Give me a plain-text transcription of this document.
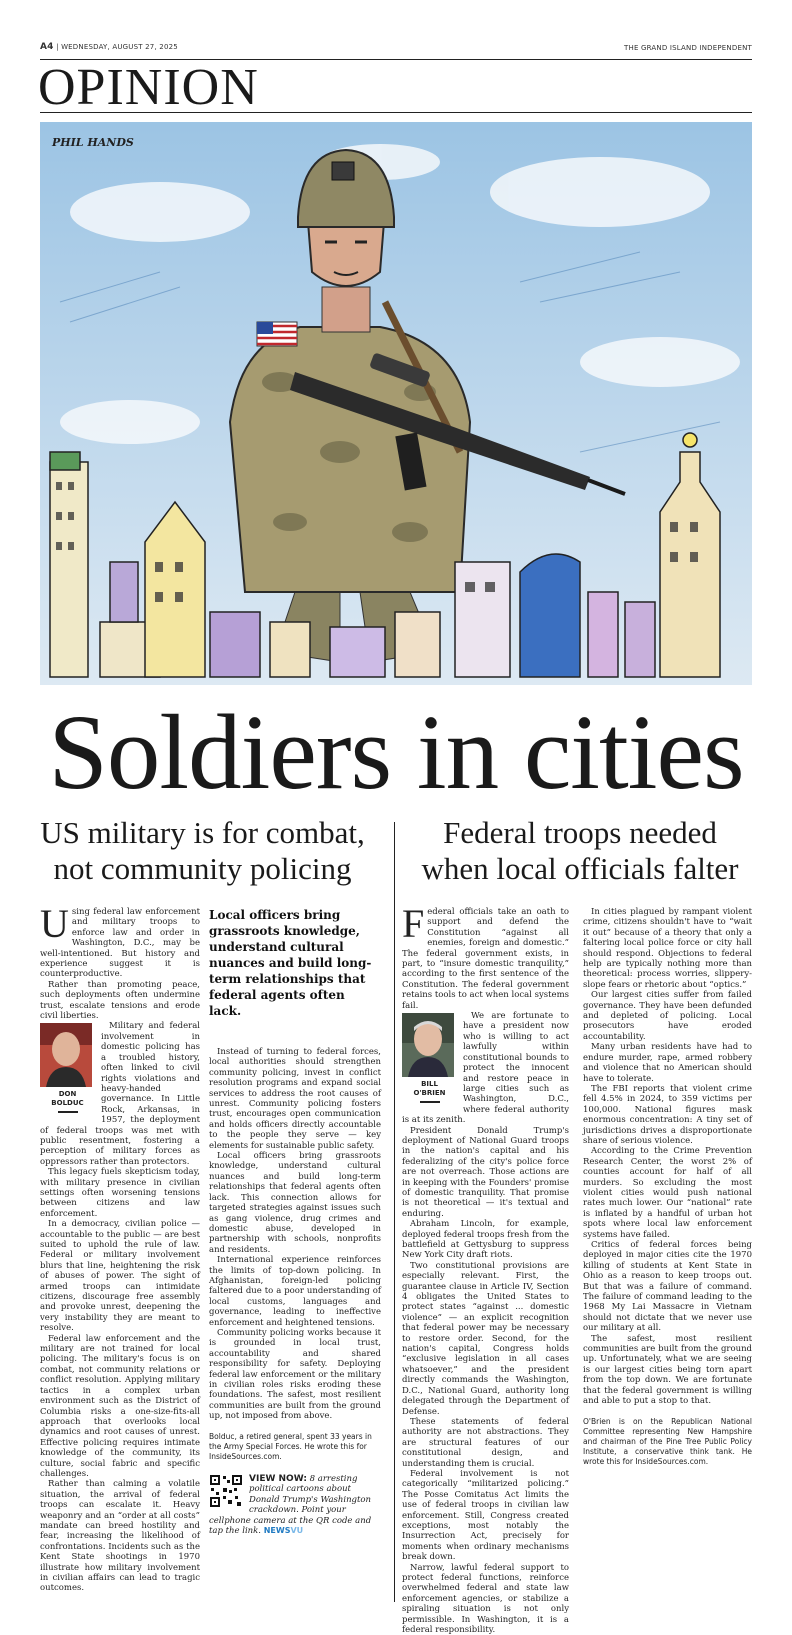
A4 | WEDNESDAY, AUGUST 27, 2025	THE GRAND ISLAND INDEPENDENT
OPINION
PHIL HANDS
Soldiers in cities
US military is for combat,
not community policing
Federal troops needed
when local officials falter

Using federal law enforcement and military troops to enforce law and order in Washington, D.C., may be well-intentioned. But history and experience suggest it is counterproductive.

Rather than promoting peace, such deployments often undermine trust, escalate tensions and erode civil liberties.

DON
BOLDUC

Military and federal involvement in domestic policing has a troubled history, often linked to civil rights violations and heavy-handed governance. In Little Rock, Arkansas, in 1957, the deployment of federal troops was met with public resentment, fostering a perception of military forces as oppressors rather than protectors.

This legacy fuels skepticism today, with military presence in civilian settings often worsening tensions between citizens and law enforcement.

In a democracy, civilian police — accountable to the public — are best suited to uphold the rule of law. Federal or military involvement blurs that line, heightening the risk of abuses of power. The sight of armed troops can intimidate citizens, discourage free assembly and provoke unrest, deepening the very instability they are meant to resolve.

Federal law enforcement and the military are not trained for local policing. The military's focus is on combat, not community relations or conflict resolution. Applying military tactics in a complex urban environment such as the District of Columbia risks a one-size-fits-all approach that overlooks local dynamics and root causes of unrest. Effective policing requires intimate knowledge of the community, its culture, social fabric and specific challenges.

Rather than calming a volatile situation, the arrival of federal troops can escalate it. Heavy weaponry and an “order at all costs” mandate can breed hostility and fear, increasing the likelihood of confrontations. Incidents such as the Kent State shootings in 1970 illustrate how military involvement in civilian affairs can lead to tragic outcomes.

Local officers bring grassroots knowledge, understand cultural nuances and build long-term relationships that federal agents often lack.

Instead of turning to federal forces, local authorities should strengthen community policing, invest in conflict resolution programs and expand social services to address the root causes of unrest. Community policing fosters trust, encourages open communication and holds officers directly accountable to the people they serve — key elements for sustainable public safety.

Local officers bring grassroots knowledge, understand cultural nuances and build long-term relationships that federal agents often lack. This connection allows for targeted strategies against issues such as gang violence, drug crimes and domestic abuse, developed in partnership with schools, nonprofits and residents.

International experience reinforces the limits of top-down policing. In Afghanistan, foreign-led policing faltered due to a poor understanding of local customs, languages and governance, leading to ineffective enforcement and heightened tensions.

Community policing works because it is grounded in local trust, accountability and shared responsibility for safety. Deploying federal law enforcement or the military in civilian roles risks eroding these foundations. The safest, most resilient communities are built from the ground up, not imposed from above.

Bolduc, a retired general, spent 33 years in the Army Special Forces. He wrote this for InsideSources.com.
VIEW NOW: 8 arresting political cartoons about Donald Trump's Washington crackdown. Point your cellphone camera at the QR code and tap the link. NEWSVU

Federal officials take an oath to support and defend the Constitution “against all enemies, foreign and domestic.” The federal government exists, in part, to “insure domestic tranquility,” according to the first sentence of the Constitution. The federal government retains tools to act when local systems fail.

BILL
O'BRIEN

We are fortunate to have a president now who is willing to act lawfully within constitutional bounds to protect the innocent and restore peace in large cities such as Washington, D.C., where federal authority is at its zenith.

President Donald Trump's deployment of National Guard troops in the nation's capital and his federalizing of the city's police force are not overreach. Those actions are in keeping with the Founders' promise of domestic tranquility. That promise is not theoretical — it's textual and enduring.

Abraham Lincoln, for example, deployed federal troops fresh from the battlefield at Gettysburg to suppress New York City draft riots.

Two constitutional provisions are especially relevant. First, the guarantee clause in Article IV, Section 4 obligates the United States to protect states “against ... domestic violence” — an explicit recognition that federal power may be necessary to restore order. Second, for the nation's capital, Congress holds “exclusive legislation in all cases whatsoever,” and the president directly commands the Washington, D.C., National Guard, authority long delegated through the Department of Defense.

These statements of federal authority are not abstractions. They are structural features of our constitutional design, and understanding them is crucial.

Federal involvement is not categorically “militarized policing.” The Posse Comitatus Act limits the use of federal troops in civilian law enforcement. Still, Congress created exceptions, most notably the Insurrection Act, precisely for moments when ordinary mechanisms break down.

Narrow, lawful federal support to protect federal functions, reinforce overwhelmed federal and state law enforcement agencies, or stabilize a spiraling situation is not only permissible. In Washington, it is a federal responsibility.

In cities plagued by rampant violent crime, citizens shouldn't have to “wait it out” because of a theory that only a faltering local police force or city hall should respond. Objections to federal help are typically nothing more than theoretical: process worries, slippery-slope fears or rhetoric about “optics.”

Our largest cities suffer from failed governance. They have been defunded and depleted of policing. Local prosecutors have eroded accountability.

Many urban residents have had to endure murder, rape, armed robbery and violence that no American should have to tolerate.

The FBI reports that violent crime fell 4.5% in 2024, to 359 victims per 100,000. National figures mask enormous concentration: A tiny set of jurisdictions drives a disproportionate share of serious violence.

According to the Crime Prevention Research Center, the worst 2% of counties account for half of all murders. So excluding the most violent cities would push national rates much lower. Our “national” rate is inflated by a handful of urban hot spots where local law enforcement systems have failed.

Critics of federal forces being deployed in major cities cite the 1970 killing of students at Kent State in Ohio as a reason to keep troops out. But that was a failure of command. The failure of command leading to the 1968 My Lai Massacre in Vietnam should not dictate that we never use our military at all.

The safest, most resilient communities are built from the ground up. Unfortunately, what we are seeing is our largest cities being torn apart from the top down. We are fortunate that the federal government is willing and able to put a stop to that.

O'Brien is on the Republican National Committee representing New Hampshire and chairman of the Pine Tree Public Policy Institute, a conservative think tank. He wrote this for InsideSources.com.
